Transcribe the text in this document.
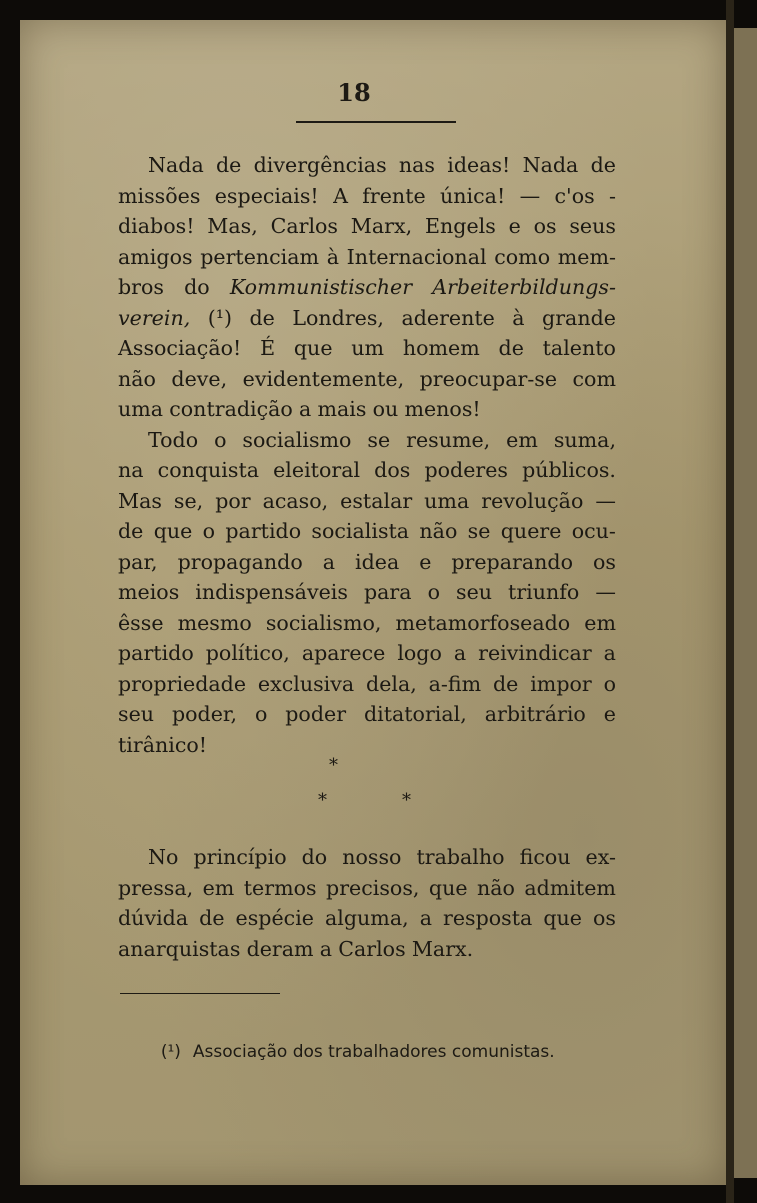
18
Nada de divergências nas ideas! Nada de
missões especiais! A frente única! — c'os -
diabos! Mas, Carlos Marx, Engels e os seus
amigos pertenciam à Internacional como mem-
bros do Kommunistischer Arbeiterbildungs-
verein, (¹) de Londres, aderente à grande
Associação! É que um homem de talento
não deve, evidentemente, preocupar-se com
uma contradição a mais ou menos!
Todo o socialismo se resume, em suma,
na conquista eleitoral dos poderes públicos.
Mas se, por acaso, estalar uma revolução —
de que o partido socialista não se quere ocu-
par, propagando a idea e preparando os
meios indispensáveis para o seu triunfo —
êsse mesmo socialismo, metamorfoseado em
partido político, aparece logo a reivindicar a
propriedade exclusiva dela, a-fim de impor o
seu poder, o poder ditatorial, arbitrário e
tirânico!
*
*	*
No princípio do nosso trabalho ficou ex-
pressa, em termos precisos, que não admitem
dúvida de espécie alguma, a resposta que os
anarquistas deram a Carlos Marx.

(¹) Associação dos trabalhadores comunistas.
